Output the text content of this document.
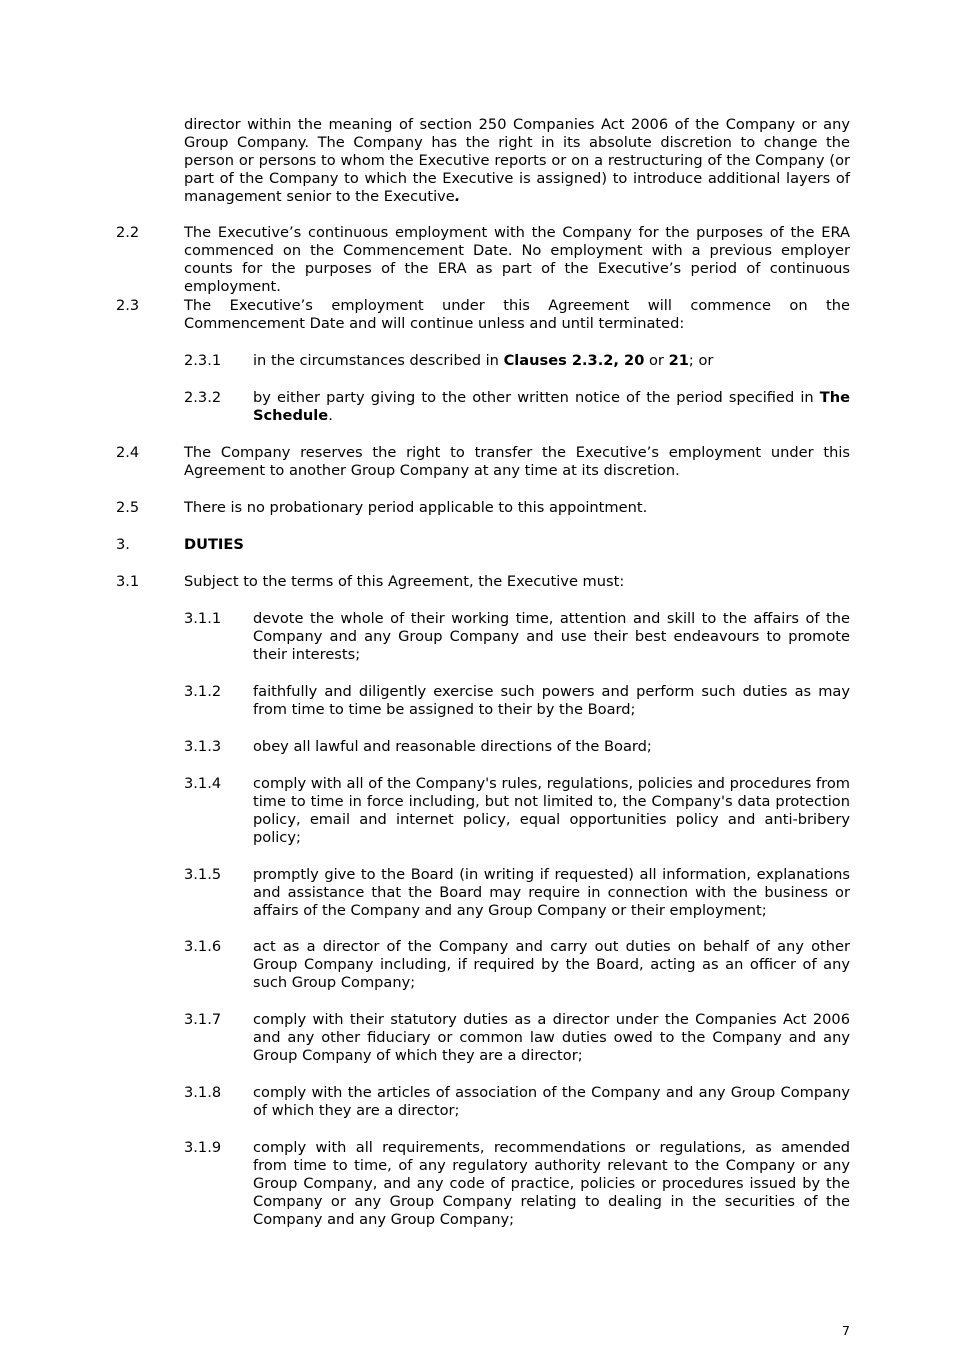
director within the meaning of section 250 Companies Act 2006 of the Company or any Group Company. The Company has the right in its absolute discretion to change the person or persons to whom the Executive reports or on a restructuring of the Company (or part of the Company to which the Executive is assigned) to introduce additional layers of management senior to the Executive.
2.2	The Executive’s continuous employment with the Company for the purposes of the ERA commenced on the Commencement Date. No employment with a previous employer counts for the purposes of the ERA as part of the Executive’s period of continuous employment.
2.3	The Executive’s employment under this Agreement will commence on the Commencement Date and will continue unless and until terminated:
2.3.1 in the circumstances described in Clauses 2.3.2, 20 or 21; or
2.3.2 by either party giving to the other written notice of the period specified in The Schedule.
2.4	The Company reserves the right to transfer the Executive’s employment under this Agreement to another Group Company at any time at its discretion.
2.5	There is no probationary period applicable to this appointment.
3.	DUTIES
3.1	Subject to the terms of this Agreement, the Executive must:
3.1.1 devote the whole of their working time, attention and skill to the affairs of the Company and any Group Company and use their best endeavours to promote their interests;
3.1.2 faithfully and diligently exercise such powers and perform such duties as may from time to time be assigned to their by the Board;
3.1.3 obey all lawful and reasonable directions of the Board;
3.1.4 comply with all of the Company's rules, regulations, policies and procedures from time to time in force including, but not limited to, the Company's data protection policy, email and internet policy, equal opportunities policy and anti-bribery policy;
3.1.5 promptly give to the Board (in writing if requested) all information, explanations and assistance that the Board may require in connection with the business or affairs of the Company and any Group Company or their employment;
3.1.6 act as a director of the Company and carry out duties on behalf of any other Group Company including, if required by the Board, acting as an officer of any such Group Company;
3.1.7 comply with their statutory duties as a director under the Companies Act 2006 and any other fiduciary or common law duties owed to the Company and any Group Company of which they are a director;
3.1.8 comply with the articles of association of the Company and any Group Company of which they are a director;
3.1.9 comply with all requirements, recommendations or regulations, as amended from time to time, of any regulatory authority relevant to the Company or any Group Company, and any code of practice, policies or procedures issued by the Company or any Group Company relating to dealing in the securities of the Company and any Group Company;
7
